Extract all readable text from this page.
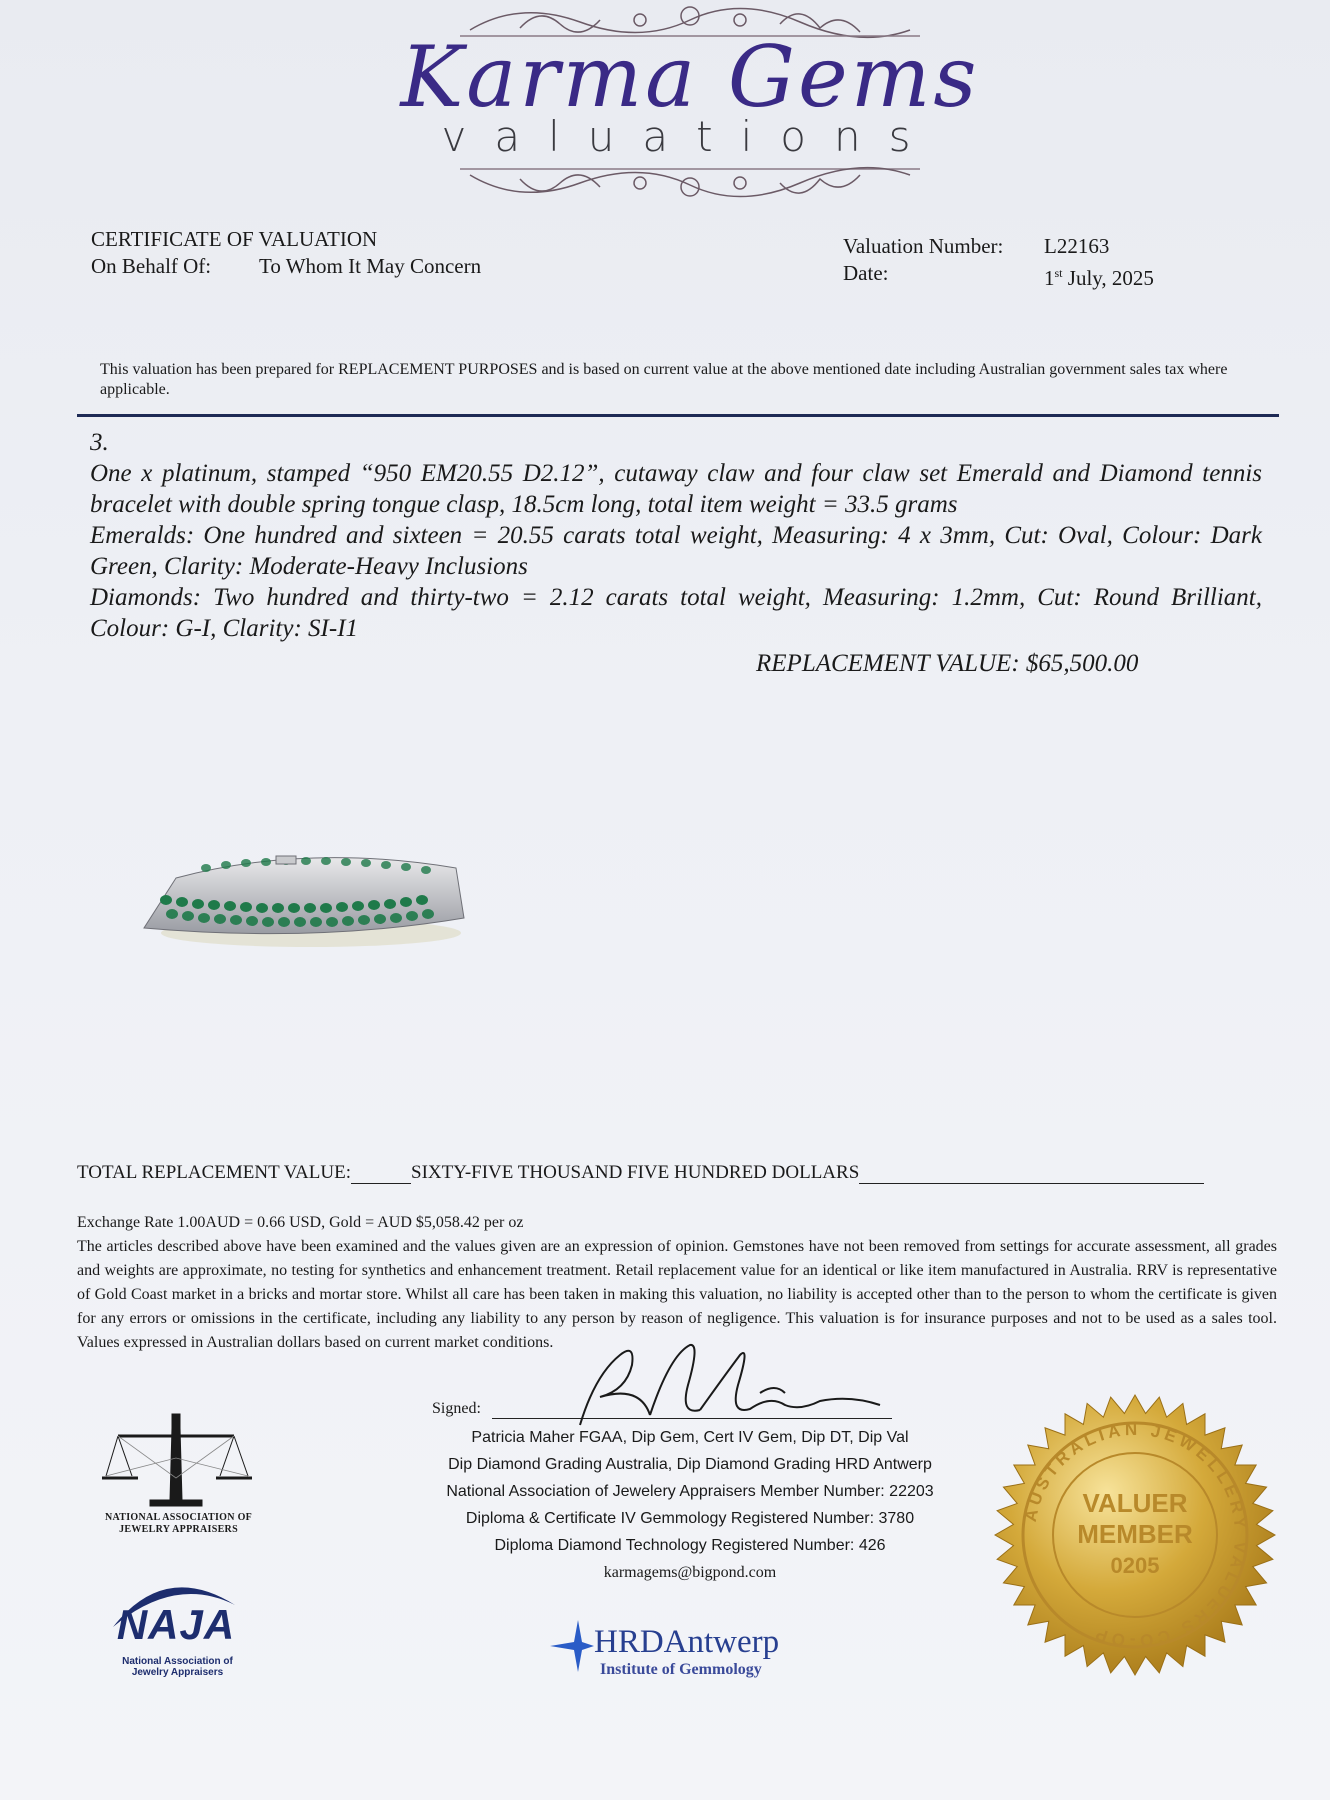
Karma Gems
valuations
CERTIFICATE OF VALUATION
On Behalf Of: To Whom It May Concern
Valuation Number: L22163
Date:	1st July, 2025
This valuation has been prepared for REPLACEMENT PURPOSES and is based on current value at the above mentioned date including Australian government sales tax where applicable.

3.

One x platinum, stamped “950 EM20.55 D2.12”, cutaway claw and four claw set Emerald and Diamond tennis bracelet with double spring tongue clasp, 18.5cm long, total item weight = 33.5 grams

Emeralds: One hundred and sixteen = 20.55 carats total weight, Measuring: 4 x 3mm, Cut: Oval, Colour: Dark Green, Clarity: Moderate-Heavy Inclusions

Diamonds: Two hundred and thirty-two = 2.12 carats total weight, Measuring: 1.2mm, Cut: Round Brilliant, Colour: G-I, Clarity: SI-I1

REPLACEMENT VALUE: $65,500.00
TOTAL REPLACEMENT VALUE:	SIXTY-FIVE THOUSAND FIVE HUNDRED DOLLARS
Exchange Rate 1.00AUD = 0.66 USD, Gold = AUD $5,058.42 per oz
The articles described above have been examined and the values given are an expression of opinion. Gemstones have not been removed from settings for accurate assessment, all grades and weights are approximate, no testing for synthetics and enhancement treatment. Retail replacement value for an identical or like item manufactured in Australia. RRV is representative of Gold Coast market in a bricks and mortar store. Whilst all care has been taken in making this valuation, no liability is accepted other than to the person to whom the certificate is given for any errors or omissions in the certificate, including any liability to any person by reason of negligence. This valuation is for insurance purposes and not to be used as a sales tool. Values expressed in Australian dollars based on current market conditions.
Signed:
Patricia Maher FGAA, Dip Gem, Cert IV Gem, Dip DT, Dip Val
Dip Diamond Grading Australia, Dip Diamond Grading HRD Antwerp
National Association of Jewelery Appraisers Member Number: 22203
Diploma & Certificate IV Gemmology Registered Number: 3780
Diploma Diamond Technology Registered Number: 426
karmagems@bigpond.com
NATIONAL ASSOCIATION OF JEWELRY APPRAISERS
NAJA
National Association of Jewelry Appraisers
HRDAntwerp
Institute of Gemmology
AUSTRALIAN JEWELLERY VALUERS CO-OP
VALUER
MEMBER
0205
